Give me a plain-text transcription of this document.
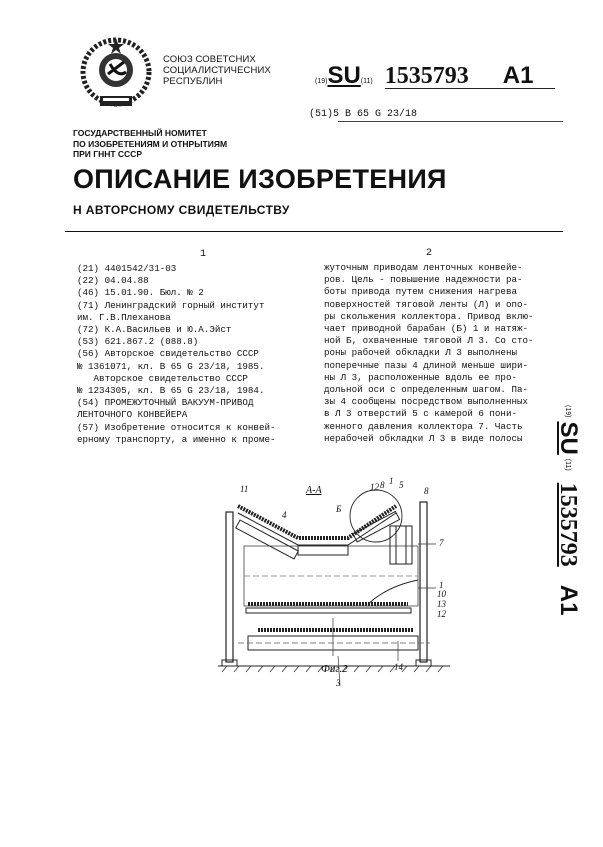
СОЮЗ СОВЕТСНИХ
СОЦИАЛИСТИЧЕСНИХ
РЕСПУБЛИН	(19)SU(11) 1535793 A1
(51)5 B 65 G 23/18
ГОСУДАРСТВЕННЫЙ НОМИТЕТ
ПО ИЗОБРЕТЕНИЯМ И ОТНРЫТИЯМ
ПРИ ГННТ СССР
ОПИСАНИЕ ИЗОБРЕТЕНИЯ
Н АВТОРСНОМУ СВИДЕТЕЛЬСТВУ
1	2
(21) 4401542/31-03
(22) 04.04.88
(46) 15.01.90. Бюл. № 2
(71) Ленинградский горный институт
им. Г.В.Плеханова
(72) К.А.Васильев и Ю.А.Эйст
(53) 621.867.2 (088.8)
(56) Авторское свидетельство СССР
№ 1361071, кл. B 65 G 23/18, 1985.
Авторское свидетельство СССР
№ 1234305, кл. B 65 G 23/18, 1984.
(54) ПРОМЕЖУТОЧНЫЙ ВАКУУМ-ПРИВОД
ЛЕНТОЧНОГО КОНВЕЙЕРА
(57) Изобретение относится к конвей-
ерному транспорту, а именно к проме-
жуточным приводам ленточных конвейе-
ров. Цель - повышение надежности ра-
боты привода путем снижения нагрева
поверхностей тяговой ленты (Л) и опо-
ры скольжения коллектора. Привод вклю-
чает приводной барабан (Б) 1 и натяж-
ной Б, охваченные тяговой Л 3. Со сто-
роны рабочей обкладки Л 3 выполнены
поперечные пазы 4 длиной меньше шири-
ны Л 3, расположенные вдоль ее про-
дольной оси с определенным шагом. Па-
зы 4 сообщены посредством выполненных
в Л 3 отверстий 5 с камерой 6 пони-
женного давления коллектора 7. Часть
нерабочей обкладки Л 3 в виде полосы
(19)
SU
(11)
1535793
A1
11
4
Б
12 8 1 5
8
7
1
10
13
12
3
14
А-А
Фиг.2
